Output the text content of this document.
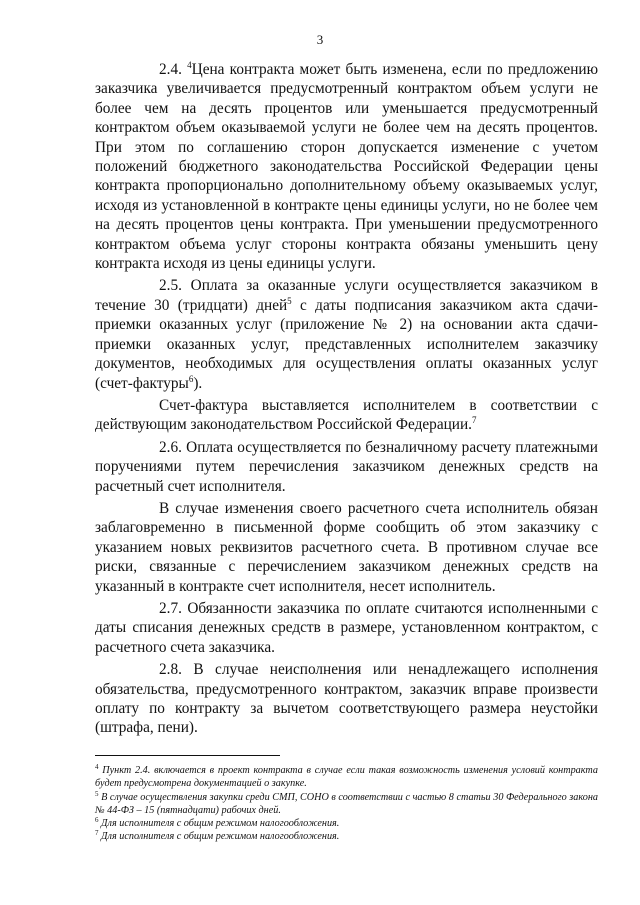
3

2.4. $^4$Цена контракта может быть изменена, если по предложению заказчика увеличивается предусмотренный контрактом объем услуги не более чем на десять процентов или уменьшается предусмотренный контрактом объем оказываемой услуги не более чем на десять процентов. При этом по соглашению сторон допускается изменение с учетом положений бюджетного законодательства Российской Федерации цены контракта пропорционально дополнительному объему оказываемых услуг, исходя из установленной в контракте цены единицы услуги, но не более чем на десять процентов цены контракта. При уменьшении предусмотренного контрактом объема услуг стороны контракта обязаны уменьшить цену контракта исходя из цены единицы услуги.

2.5. Оплата за оказанные услуги осуществляется заказчиком в течение 30 (тридцати) дней$^5$ с даты подписания заказчиком акта сдачи-приемки оказанных услуг (приложение № 2) на основании акта сдачи-приемки оказанных услуг, представленных исполнителем заказчику документов, необходимых для осуществления оплаты оказанных услуг (счет-фактуры$^6$).

Счет-фактура выставляется исполнителем в соответствии с действующим законодательством Российской Федерации.$^7$

2.6. Оплата осуществляется по безналичному расчету платежными поручениями путем перечисления заказчиком денежных средств на расчетный счет исполнителя.

В случае изменения своего расчетного счета исполнитель обязан заблаговременно в письменной форме сообщить об этом заказчику с указанием новых реквизитов расчетного счета. В противном случае все риски, связанные с перечислением заказчиком денежных средств на указанный в контракте счет исполнителя, несет исполнитель.

2.7. Обязанности заказчика по оплате считаются исполненными с даты списания денежных средств в размере, установленном контрактом, с расчетного счета заказчика.

2.8. В случае неисполнения или ненадлежащего исполнения обязательства, предусмотренного контрактом, заказчик вправе произвести оплату по контракту за вычетом соответствующего размера неустойки (штрафа, пени).

$^4$ Пункт 2.4. включается в проект контракта в случае если такая возможность изменения условий контракта будет предусмотрена документацией о закупке.

$^5$ В случае осуществления закупки среди СМП, СОНО в соответствии с частью 8 статьи 30 Федерального закона № 44-ФЗ – 15 (пятнадцати) рабочих дней.

$^6$ Для исполнителя с общим режимом налогообложения.

$^7$ Для исполнителя с общим режимом налогообложения.
